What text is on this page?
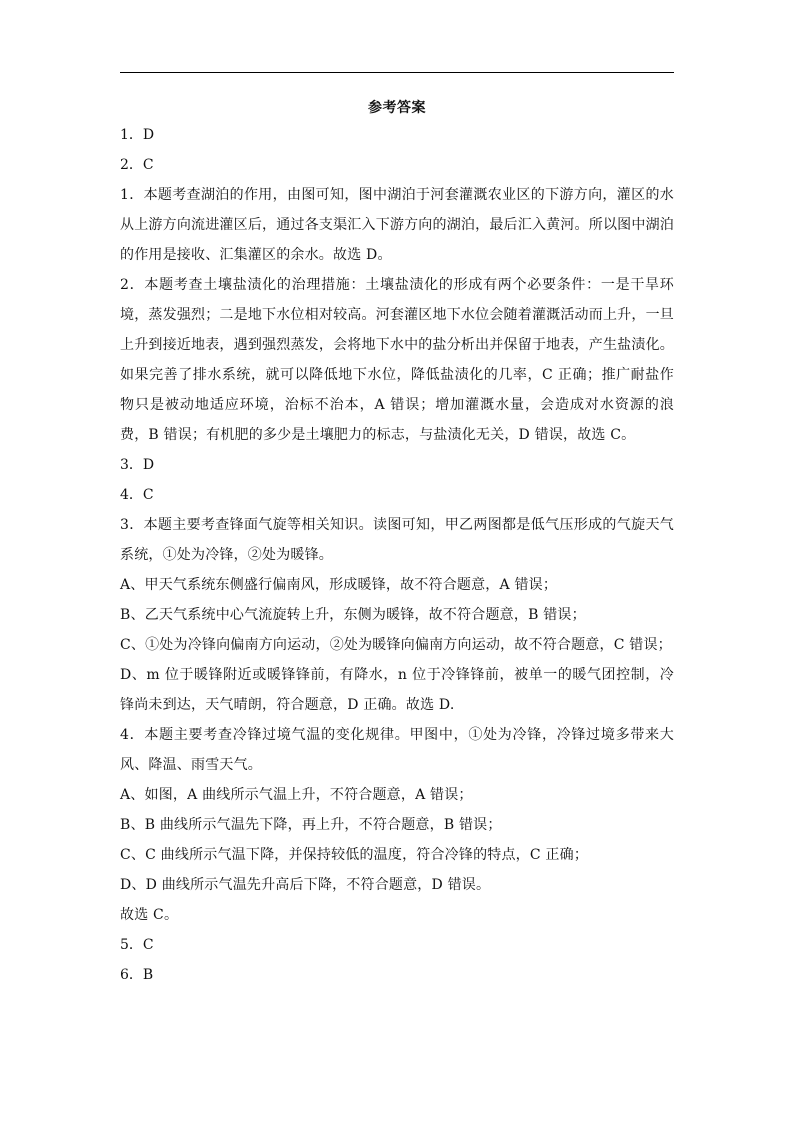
参考答案

1．D

2．C

1．本题考查湖泊的作用，由图可知，图中湖泊于河套灌溉农业区的下游方向，灌区的水从上游方向流进灌区后，通过各支渠汇入下游方向的湖泊，最后汇入黄河。所以图中湖泊的作用是接收、汇集灌区的余水。故选 D。

2．本题考查土壤盐渍化的治理措施：土壤盐渍化的形成有两个必要条件：一是干旱环境，蒸发强烈；二是地下水位相对较高。河套灌区地下水位会随着灌溉活动而上升，一旦上升到接近地表，遇到强烈蒸发，会将地下水中的盐分析出并保留于地表，产生盐渍化。如果完善了排水系统，就可以降低地下水位，降低盐渍化的几率，C 正确；推广耐盐作物只是被动地适应环境，治标不治本，A 错误；增加灌溉水量，会造成对水资源的浪费，B 错误；有机肥的多少是土壤肥力的标志，与盐渍化无关，D 错误，故选 C。

3．D

4．C

3．本题主要考查锋面气旋等相关知识。读图可知，甲乙两图都是低气压形成的气旋天气系统，①处为冷锋，②处为暖锋。

A、甲天气系统东侧盛行偏南风，形成暖锋，故不符合题意，A 错误；

B、乙天气系统中心气流旋转上升，东侧为暖锋，故不符合题意，B 错误；

C、①处为冷锋向偏南方向运动，②处为暖锋向偏南方向运动，故不符合题意，C 错误；

D、m 位于暖锋附近或暖锋锋前，有降水，n 位于冷锋锋前，被单一的暖气团控制，冷锋尚未到达，天气晴朗，符合题意，D 正确。故选 D.

4．本题主要考查冷锋过境气温的变化规律。甲图中，①处为冷锋，冷锋过境多带来大风、降温、雨雪天气。

A、如图，A 曲线所示气温上升，不符合题意，A 错误；

B、B 曲线所示气温先下降，再上升，不符合题意，B 错误；

C、C 曲线所示气温下降，并保持较低的温度，符合冷锋的特点，C 正确；

D、D 曲线所示气温先升高后下降，不符合题意，D 错误。

故选 C。

5．C

6．B
